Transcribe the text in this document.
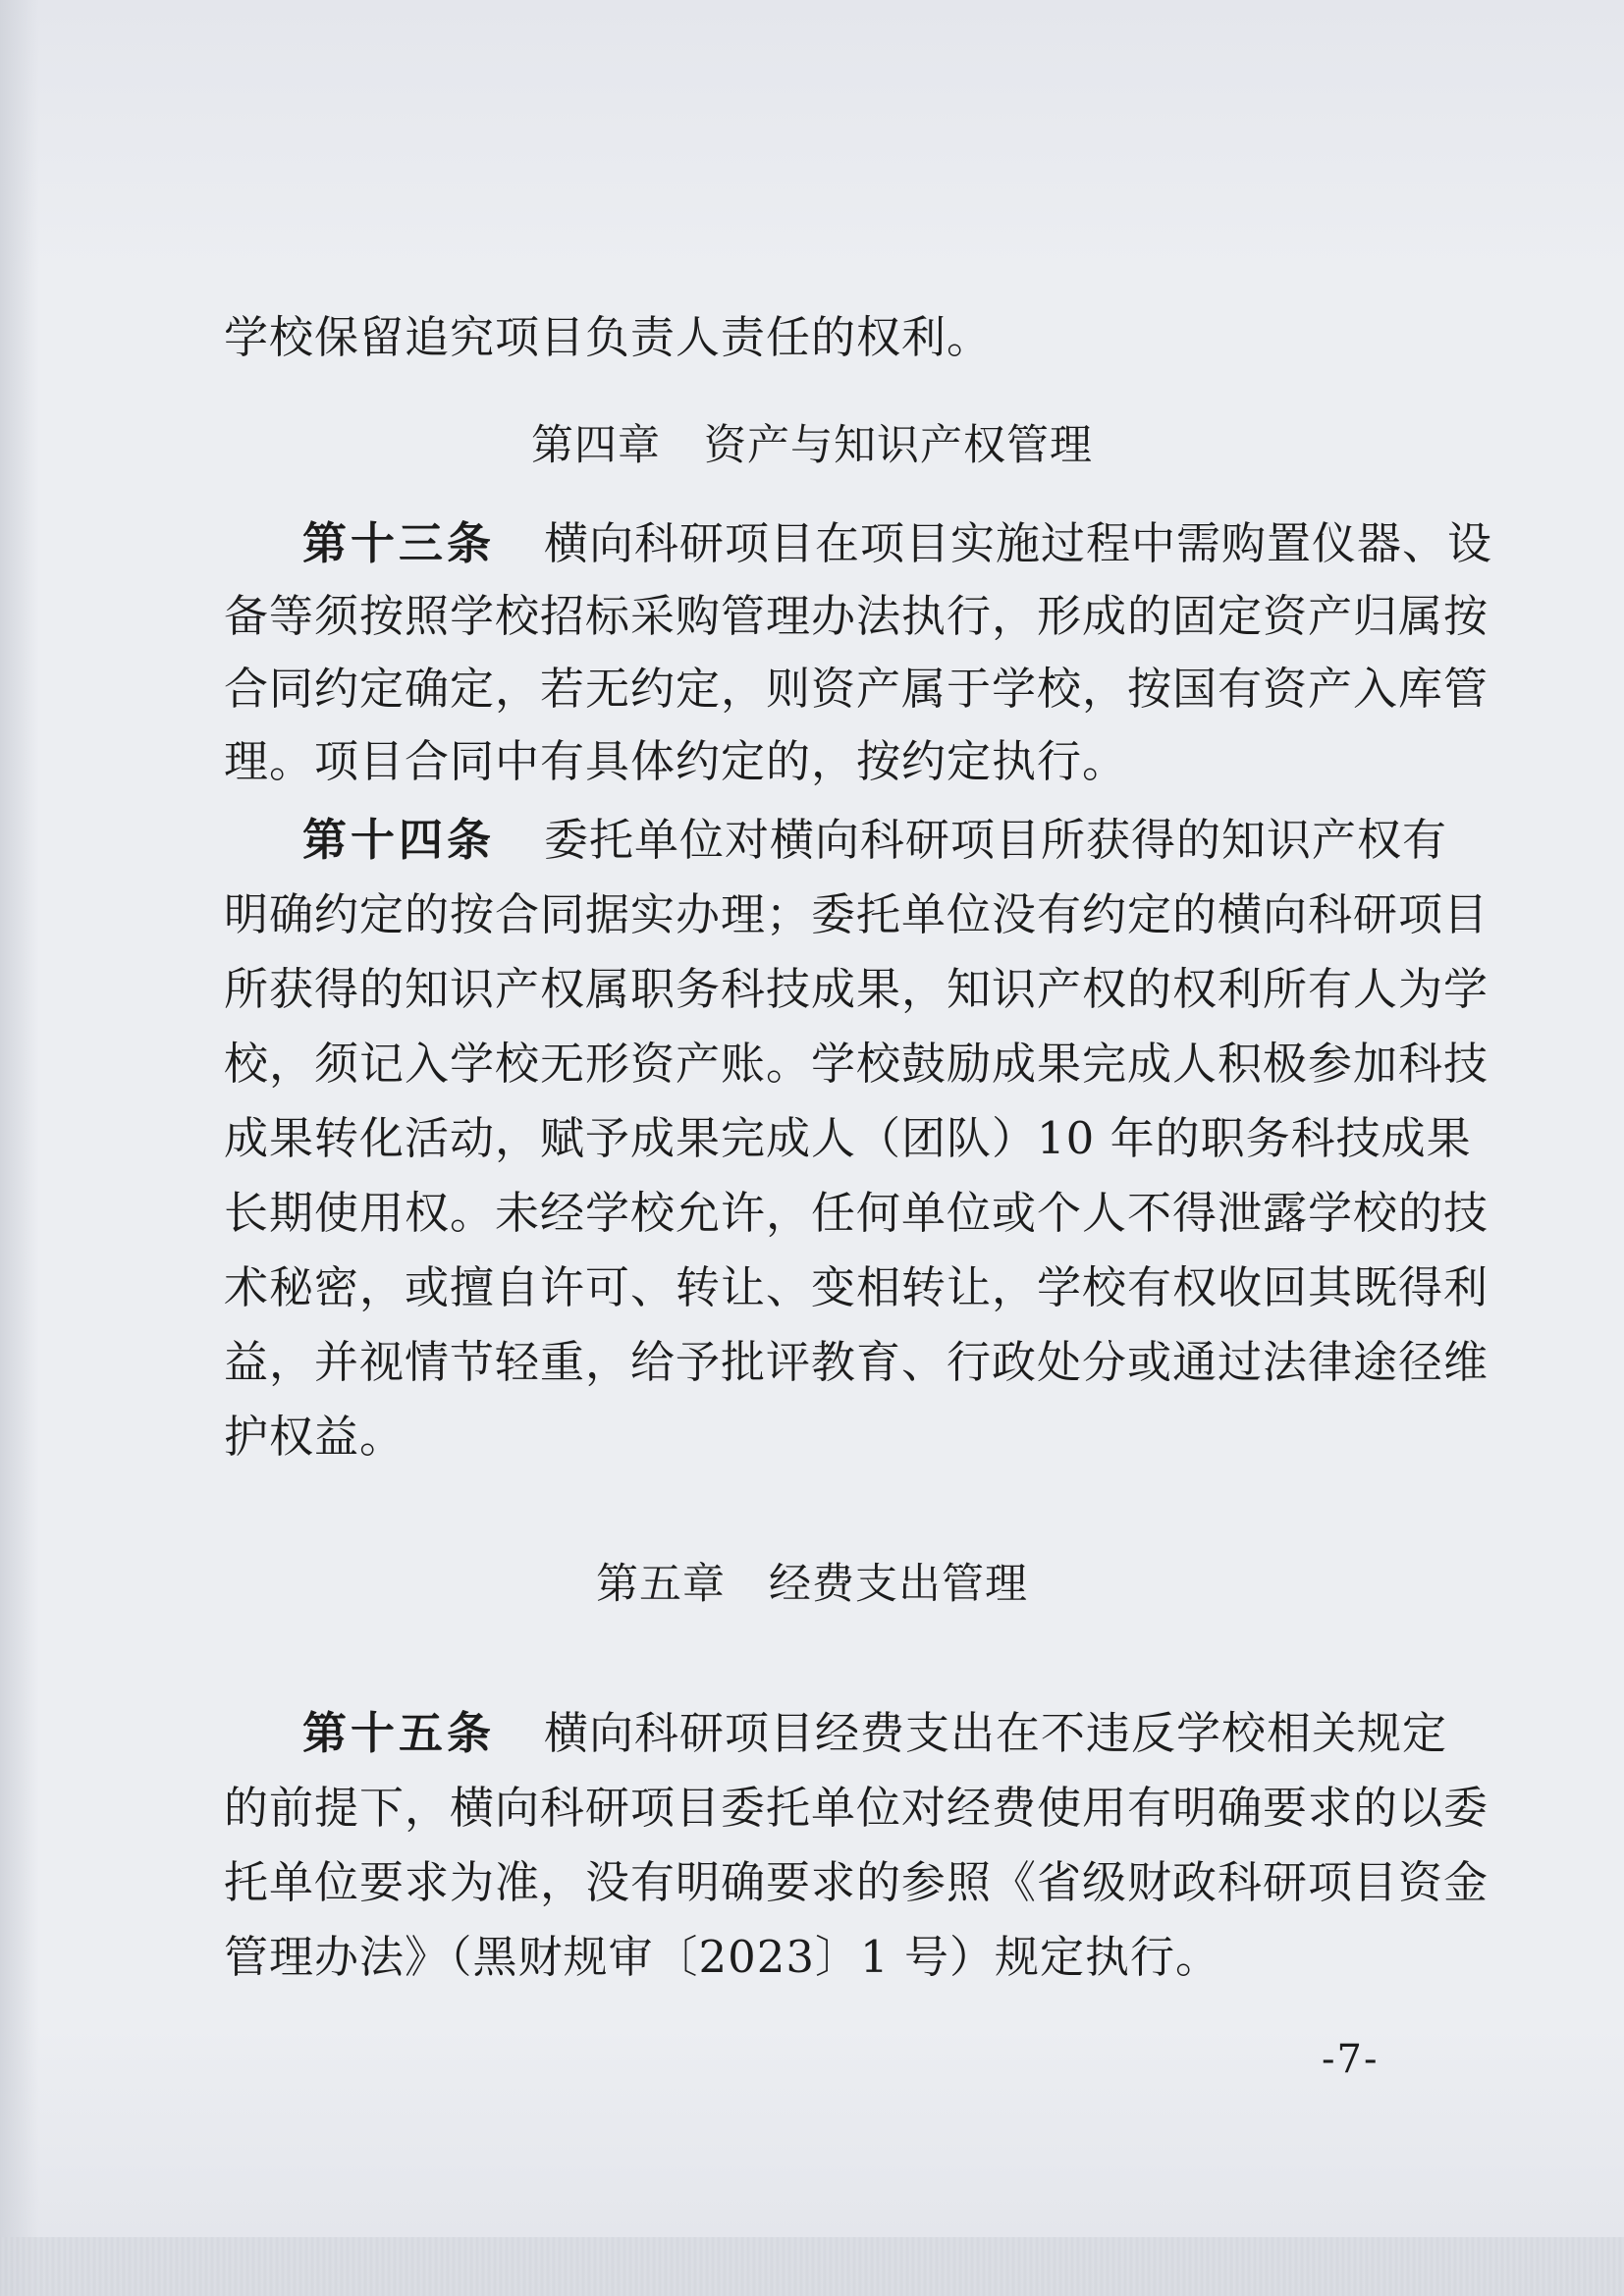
学校保留追究项目负责人责任的权利。
第四章 资产与知识产权管理
第十三条 横向科研项目在项目实施过程中需购置仪器、设
备等须按照学校招标采购管理办法执行，形成的固定资产归属按
合同约定确定，若无约定，则资产属于学校，按国有资产入库管
理。项目合同中有具体约定的，按约定执行。
第十四条 委托单位对横向科研项目所获得的知识产权有
明确约定的按合同据实办理；委托单位没有约定的横向科研项目
所获得的知识产权属职务科技成果，知识产权的权利所有人为学
校，须记入学校无形资产账。学校鼓励成果完成人积极参加科技
成果转化活动，赋予成果完成人（团队）10 年的职务科技成果
长期使用权。未经学校允许，任何单位或个人不得泄露学校的技
术秘密，或擅自许可、转让、变相转让，学校有权收回其既得利
益，并视情节轻重，给予批评教育、行政处分或通过法律途径维
护权益。
第五章 经费支出管理
第十五条 横向科研项目经费支出在不违反学校相关规定
的前提下，横向科研项目委托单位对经费使用有明确要求的以委
托单位要求为准，没有明确要求的参照《省级财政科研项目资金
管理办法》（黑财规审〔2023〕1 号）规定执行。
-7-
